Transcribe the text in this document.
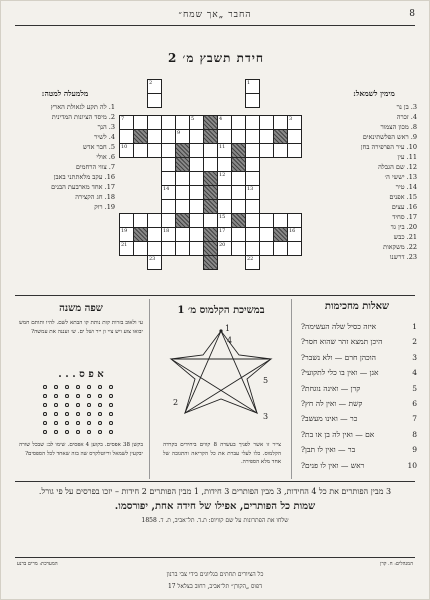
8
החבר „אך שמח״
חידת תשבץ מ׳ 2
2	1
7	5	4	3
9
10	11
12
14	13
15
19	18	17	16
21	20
23	22
מלמעלה למטה:
1. לה תקע לגאולת הארץ
2. מיסד הציונות המדינית
3. הנך
4. לשיר
5. חבר אדש
6. אולי
7. צווי הרחמים
16. עקב מלאתתני באבן
17. אחד מארבעת הבנים
18. חג הקצירה
19. רוק
מימין לשמאל:
3. בן נר
4. זכרה
8. מכון הצמור
9. ראש הפלשתינאים
10. עיר הפרפירה בחן
11. עין
12. שם הגבלה
13. יששי ה׳
14. טיר
15. אפנים
16. עצים
17. סחיד
20. בין גד
21. כבש
22. משקאות
23. דרשנו
שאלות מחכימות
1
איזה כסיל שלה העשימה?
2
היכן תמצא זהר שהוא חסר?
3
הוכהן חרם — ולא נשבר?
4
אגן — ואין בו כלי לתקועי?
5
קרן — ואינה נוגחת?
6
קשת — ואין לה חץ?
7
כר — ואינו מעשב?
8
אם — ואין לה בן או בת?
9
בר — ואין לו תבן?
10
ראש — ואין לו פנים?
במשיכת הקלמוס מ׳ 1
1
2
3
4
5
צייר זו אשר לפניך בעשרה 8 קווים ביחידים בקרדה הקלמוס. כלו לעלי עברת את כל הקריאה והתגובה של אחד מלא הספירה.
שפה משנה
עי ולאוב בזרות קות נותת קו הבתא לשם. להיו ותותם חמש יבואו צוע ויש ציי ון ייר ושל ים. ש׳ זעננה את עמשה?
א פ ס . . .
בקשן 38 אפסים. בקוען 4 אפסים. שימו לב: שבכל שורה יבקעין לשמאל וריוטלקרס שה בזה שאחד לכל הספסים?
3 מבין הפותרים את כל 4 החידות, 3 מבין הפותרים 3 חידות, 1 מבין הפותרים 2 חידות – יזכו בפרסים על פי גורל.
שמות כל הפותרים, אפילו של חידה אחת, יפורסמו.
שלחו את הפתרונות על שם קוויוס: ת.ד. תל־אביב, ת. ד. 1858
המנהלים: ח. קרן
המערכת: מרים ברנע
כל הציורים תחתים בגליונים בידי צבי ברנון
דפוס „הקורן״ תל־אביב, רחוב בצלאל 17
